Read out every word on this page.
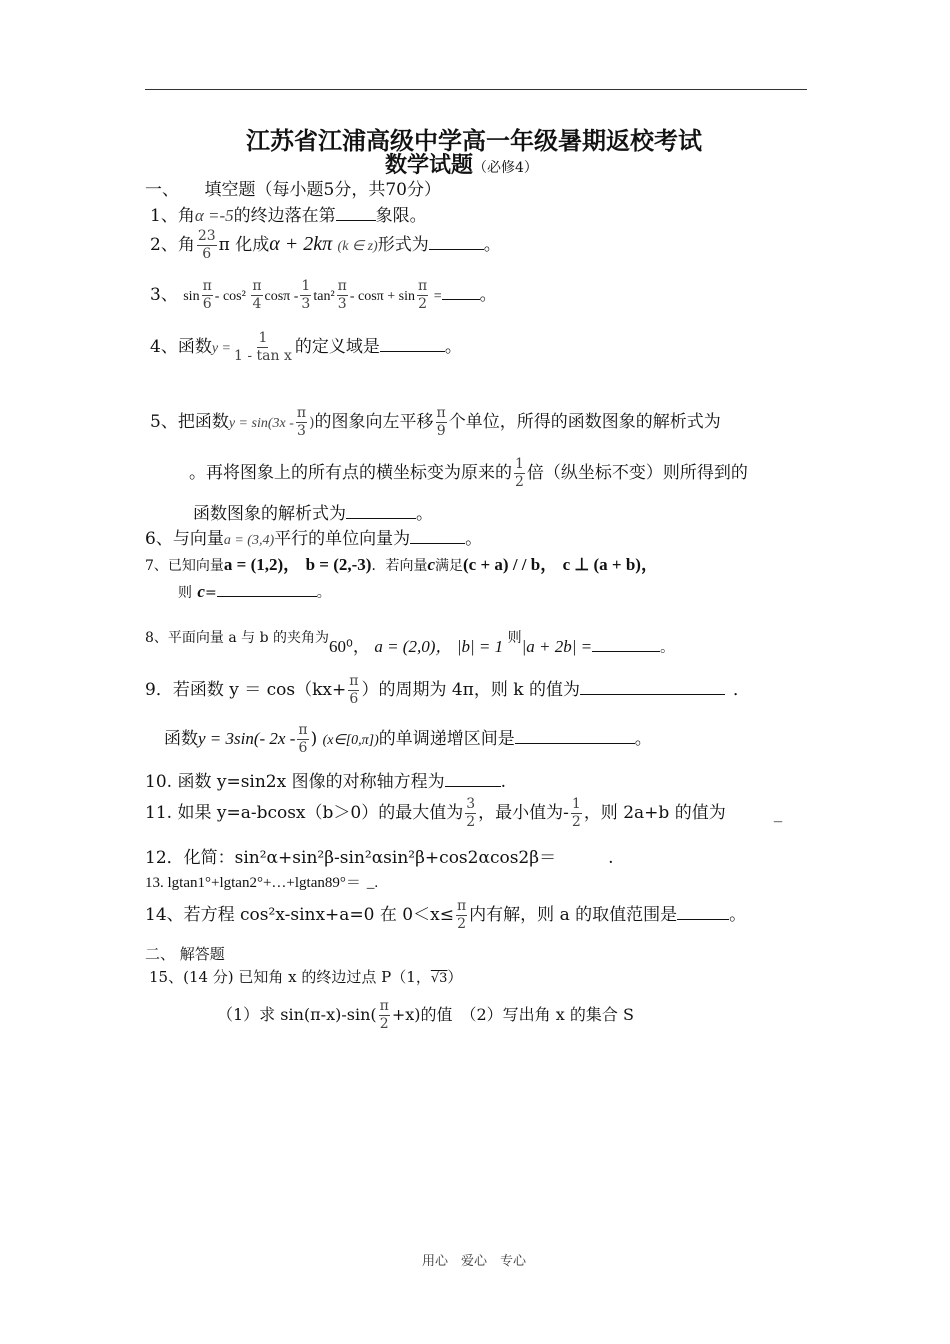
江苏省江浦高级中学高一年级暑期返校考试
数学试题（必修4）
一、　　填空题（每小题5分，共70分）
1、角α =-5的终边落在第 象限。
2、角 $\frac{23}{6}$ π 化成α + 2kπ (k ∈ z)形式为	。
3、 $\sin \frac{\pi}{6} - \cos^2 \frac{\pi}{4}$ $\cos\pi - \frac{1}{3} \tan^2 \frac{\pi}{3} - \cos\pi + \sin \frac{\pi}{2}$ = 。
4、函数$y = \frac{1}{\text{1 - tan x}}$ 的定义域是	。
5、把函数$y = \sin(3x - \frac{\pi}{3}$ )的图象向左平移 $\frac{\pi}{9}$ 个单位，所得的函数图象的解析式为
。再将图象上的所有点的横坐标变为原来的 $\frac{1}{2}$ 倍（纵坐标不变）则所得到的
函数图象的解析式为	。
6、与向量a = (3,4)平行的单位向量为	。
7、已知向量a = (1,2)， b = (2,-3)．若向量c满足(c + a) / / b， c ⊥ (a + b)，
则 c=	。
8、平面向量 a 与 b 的夹角为60⁰， a = (2,0)， |b| = 1 则|a + 2b| =	。
9．若函数 $y = \cos(kx+ \frac{\pi}{6}$ ）的周期为 4π，则 k 的值为	．
函数y = 3sin(- $2x - \frac{\pi}{6}$ ) (x∈[0,π])的单调递增区间是	。
10. 函数 y=sin2x 图像的对称轴方程为	.
11. 如果 y=a-bcosx（b＞0）的最大值为 $\frac{3}{2}$ ，最小值为- $\frac{1}{2}$ ，则 2a+b 的值为	_
12．化简：sin²α+sin²β-sin²αsin²β+cos2αcos2β＝	.
13. lgtan1°+lgtan2°+…+lgtan89°＝ _.
14、若方程 cos²x-sinx+a=0 在 $0<x\le \frac{\pi}{2}$ 内有解，则 a 的取值范围是	。
二、 解答题
15、(14 分) 已知角 x 的终边过点 P（1，√3）
（1）求 $\sin(\pi-x)-\sin( \frac{\pi}{2} +x)$的值　（2）写出角 x 的集合 S
用心　爱心　专心
